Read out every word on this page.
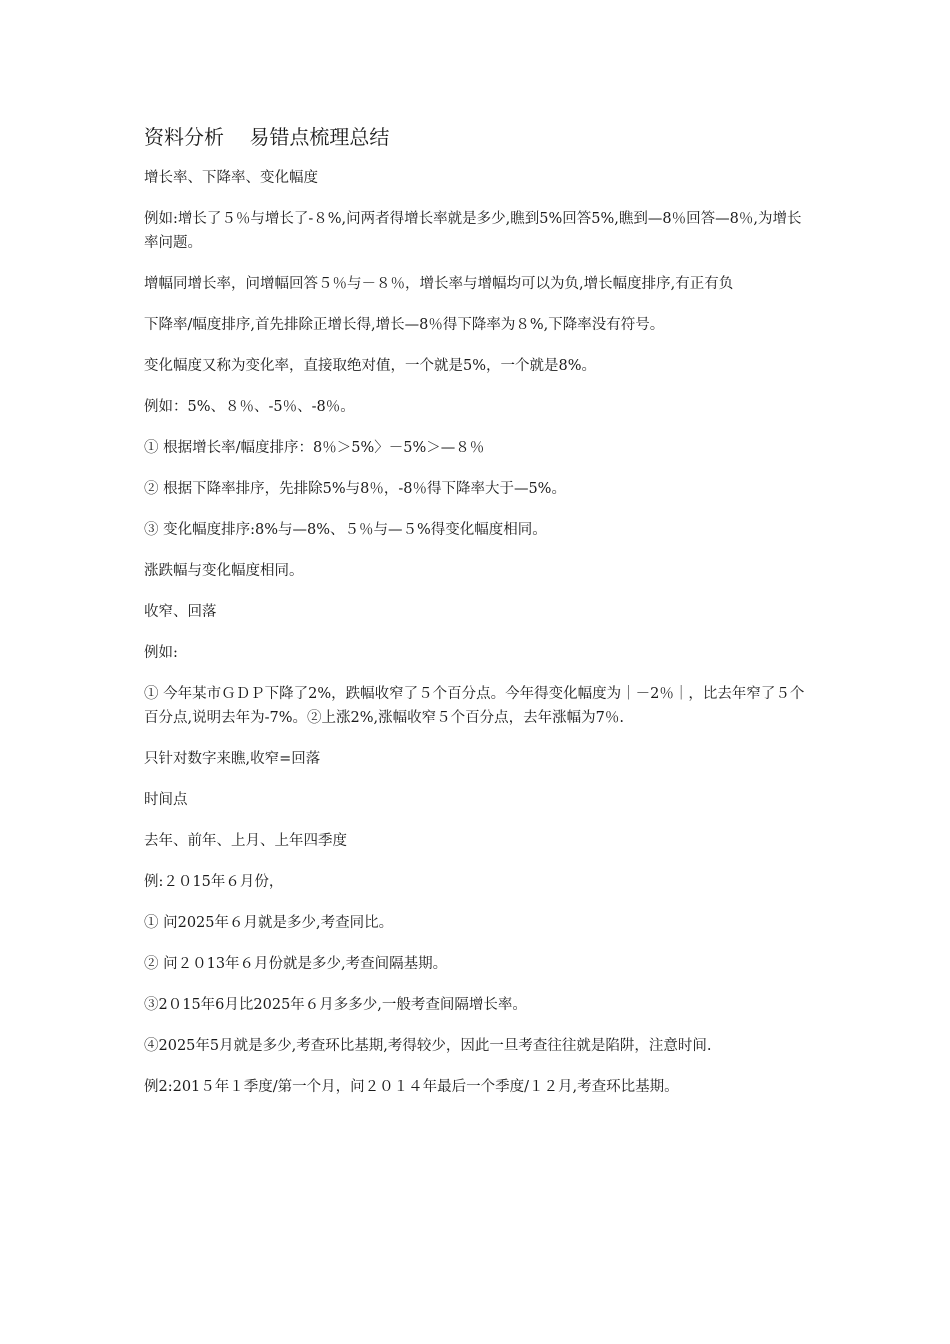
资料分析    易错点梳理总结

增长率、下降率、变化幅度

例如:增长了５％与增长了-８%,问两者得增长率就是多少,瞧到5%回答5%,瞧到—8％回答—8％,为增长率问题。

增幅同增长率，问增幅回答５％与－８％，增长率与增幅均可以为负,增长幅度排序,有正有负

下降率/幅度排序,首先排除正增长得,增长—8％得下降率为８%,下降率没有符号。

变化幅度又称为变化率，直接取绝对值，一个就是5%，一个就是8%。

例如：5%、８％、-5％、-8％。

① 根据增长率/幅度排序：8％＞5%〉－5%＞—８％

② 根据下降率排序，先排除5%与8％，-8％得下降率大于—5%。

③ 变化幅度排序:8%与—8%、５％与—５%得变化幅度相同。

涨跌幅与变化幅度相同。

收窄、回落

例如:

① 今年某市ＧＤＰ下降了2%，跌幅收窄了５个百分点。今年得变化幅度为｜－2％｜，比去年窄了５个百分点,说明去年为-7%。②上涨2%,涨幅收窄５个百分点，去年涨幅为7％.

只针对数字来瞧,收窄=回落

时间点

去年、前年、上月、上年四季度

例:２０15年６月份，

① 问2025年６月就是多少,考查同比。

② 问２０13年６月份就是多少,考查间隔基期。

③2０15年6月比2025年６月多多少,一般考查间隔增长率。

④2025年5月就是多少,考查环比基期,考得较少，因此一旦考查往往就是陷阱，注意时间.

例2:201５年１季度/第一个月，问２０１４年最后一个季度/１２月,考查环比基期。
